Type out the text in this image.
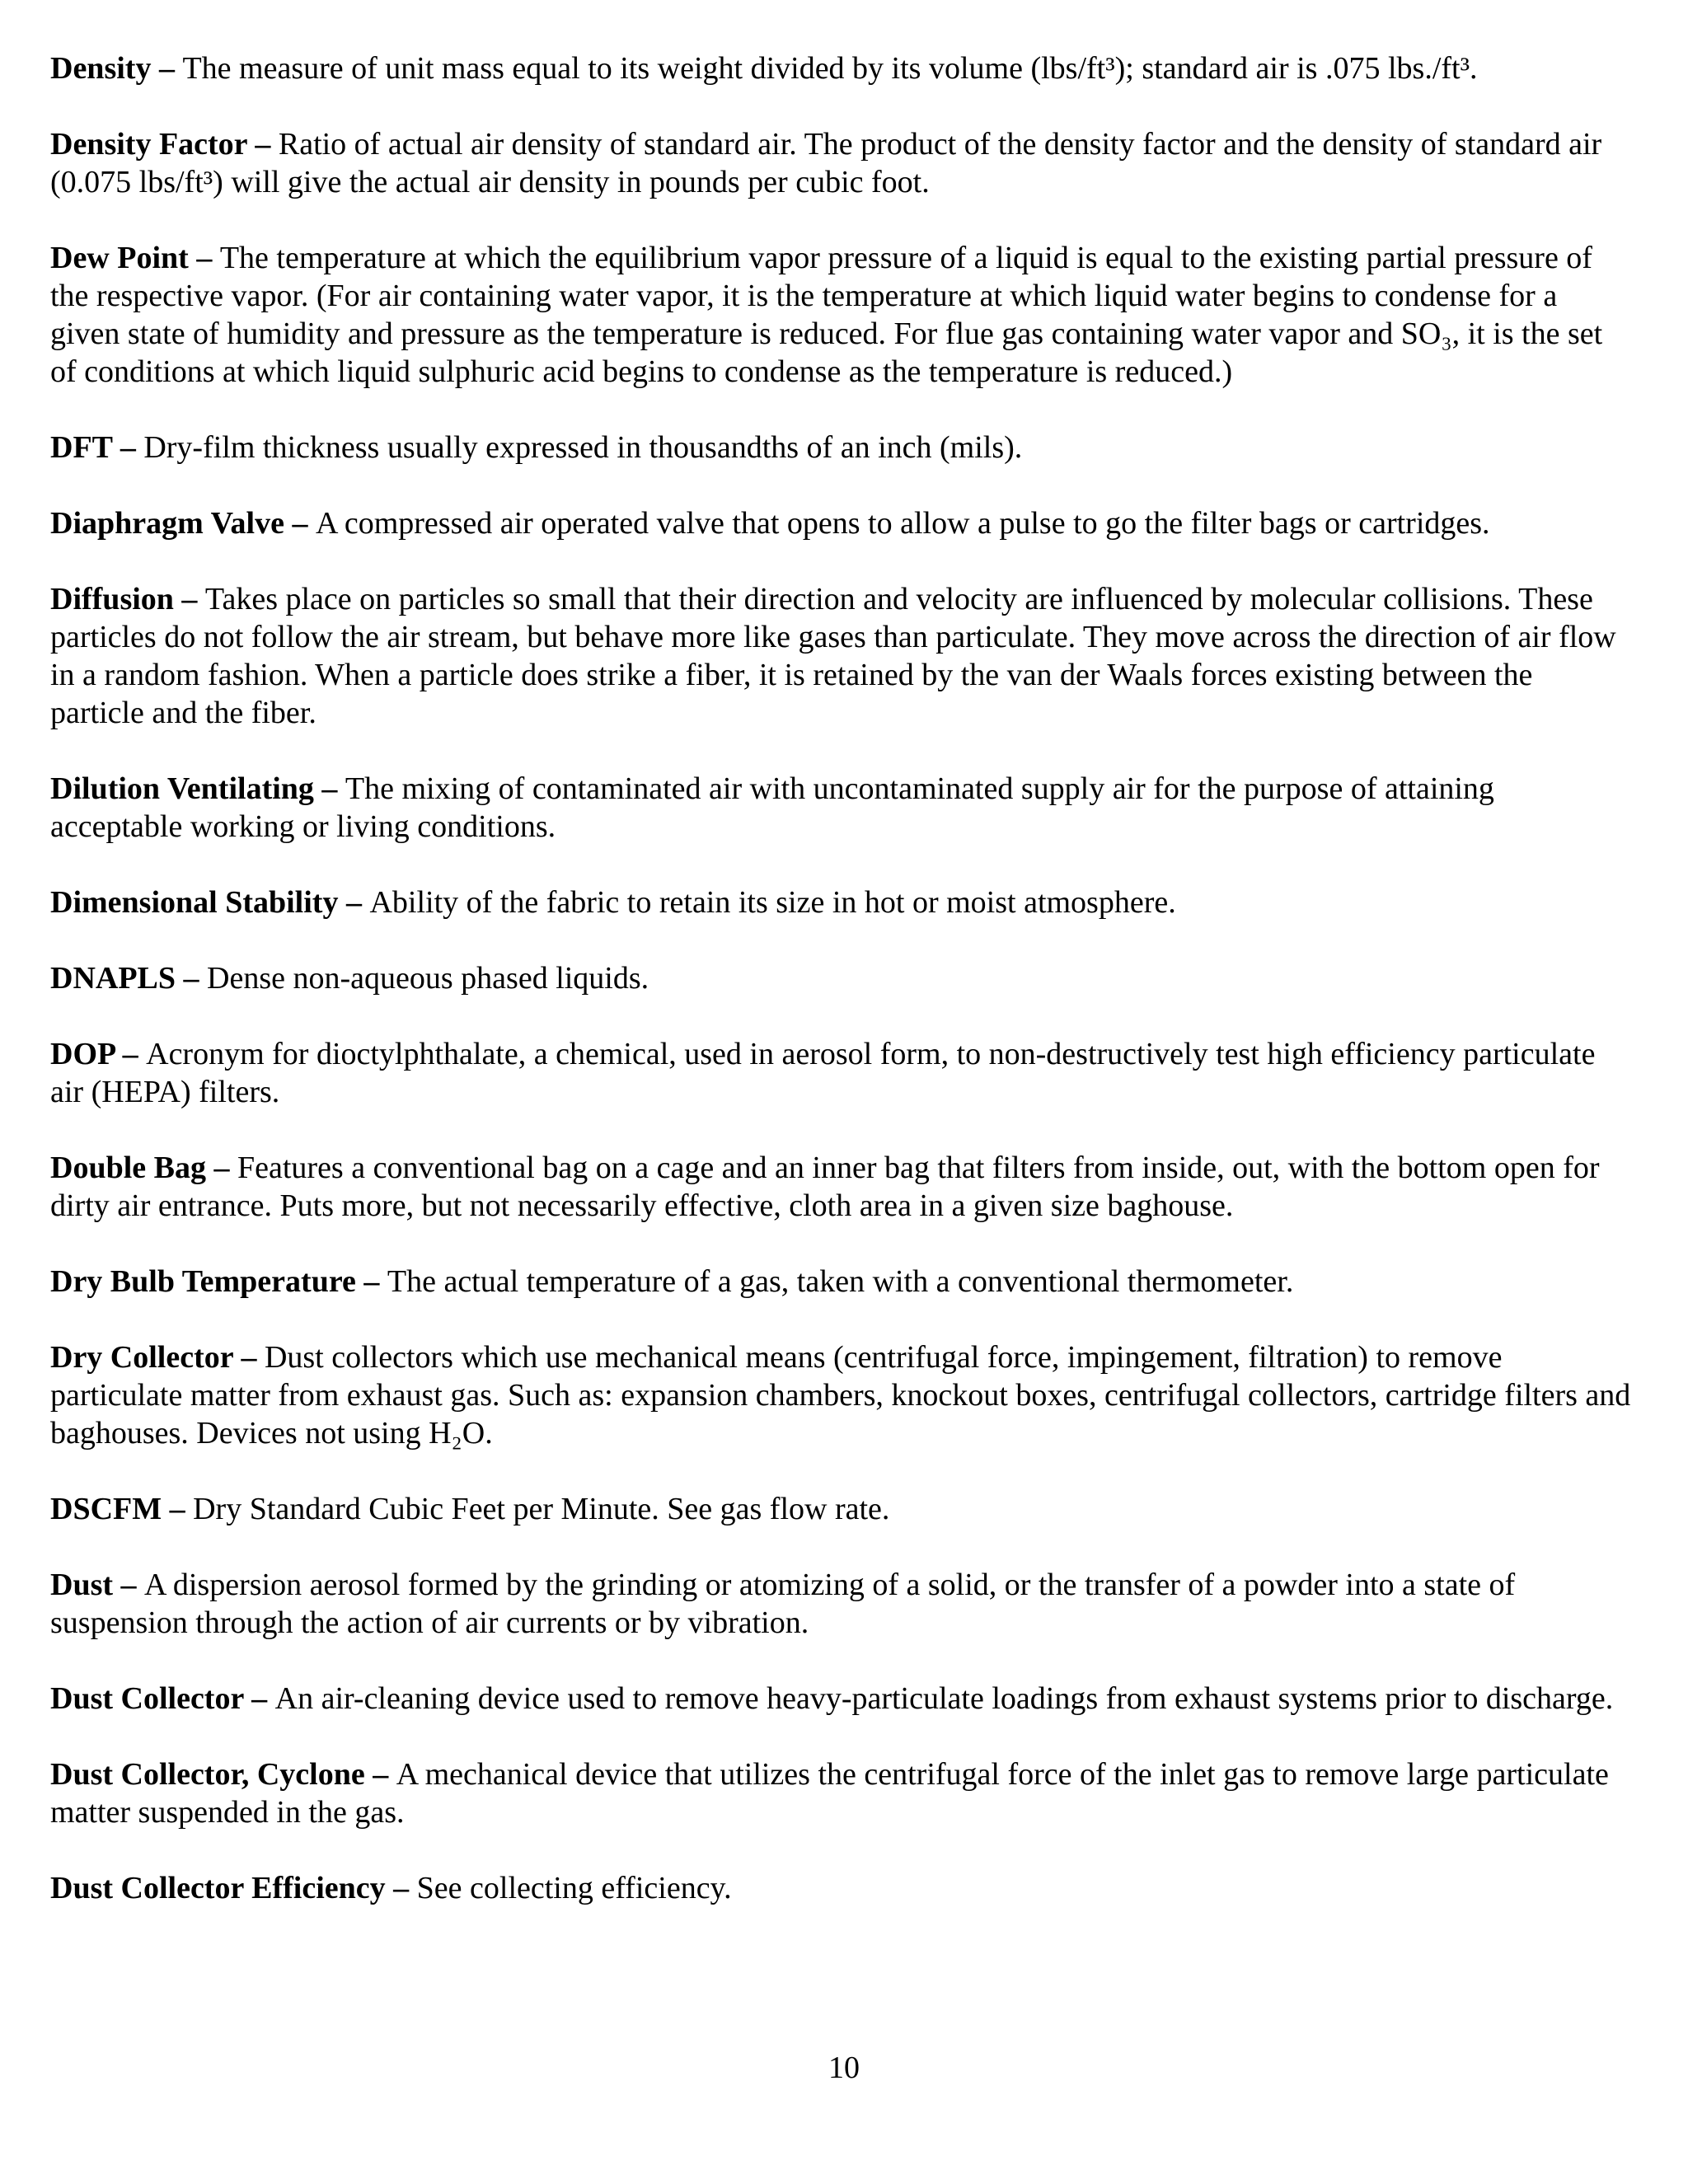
Density – The measure of unit mass equal to its weight divided by its volume (lbs/ft³); standard air is .075 lbs./ft³.
Density Factor – Ratio of actual air density of standard air. The product of the density factor and the density of standard air (0.075 lbs/ft³) will give the actual air density in pounds per cubic foot.
Dew Point – The temperature at which the equilibrium vapor pressure of a liquid is equal to the existing partial pressure of the respective vapor. (For air containing water vapor, it is the temperature at which liquid water begins to condense for a given state of humidity and pressure as the temperature is reduced. For flue gas containing water vapor and SO₃, it is the set of conditions at which liquid sulphuric acid begins to condense as the temperature is reduced.)
DFT – Dry-film thickness usually expressed in thousandths of an inch (mils).
Diaphragm Valve – A compressed air operated valve that opens to allow a pulse to go the filter bags or cartridges.
Diffusion – Takes place on particles so small that their direction and velocity are influenced by molecular collisions. These particles do not follow the air stream, but behave more like gases than particulate. They move across the direction of air flow in a random fashion. When a particle does strike a fiber, it is retained by the van der Waals forces existing between the particle and the fiber.
Dilution Ventilating – The mixing of contaminated air with uncontaminated supply air for the purpose of attaining acceptable working or living conditions.
Dimensional Stability – Ability of the fabric to retain its size in hot or moist atmosphere.
DNAPLS – Dense non-aqueous phased liquids.
DOP – Acronym for dioctylphthalate, a chemical, used in aerosol form, to non-destructively test high efficiency particulate air (HEPA) filters.
Double Bag – Features a conventional bag on a cage and an inner bag that filters from inside, out, with the bottom open for dirty air entrance. Puts more, but not necessarily effective, cloth area in a given size baghouse.
Dry Bulb Temperature – The actual temperature of a gas, taken with a conventional thermometer.
Dry Collector – Dust collectors which use mechanical means (centrifugal force, impingement, filtration) to remove particulate matter from exhaust gas. Such as: expansion chambers, knockout boxes, centrifugal collectors, cartridge filters and baghouses. Devices not using H₂O.
DSCFM – Dry Standard Cubic Feet per Minute. See gas flow rate.
Dust – A dispersion aerosol formed by the grinding or atomizing of a solid, or the transfer of a powder into a state of suspension through the action of air currents or by vibration.
Dust Collector – An air-cleaning device used to remove heavy-particulate loadings from exhaust systems prior to discharge.
Dust Collector, Cyclone – A mechanical device that utilizes the centrifugal force of the inlet gas to remove large particulate matter suspended in the gas.
Dust Collector Efficiency – See collecting efficiency.
10
